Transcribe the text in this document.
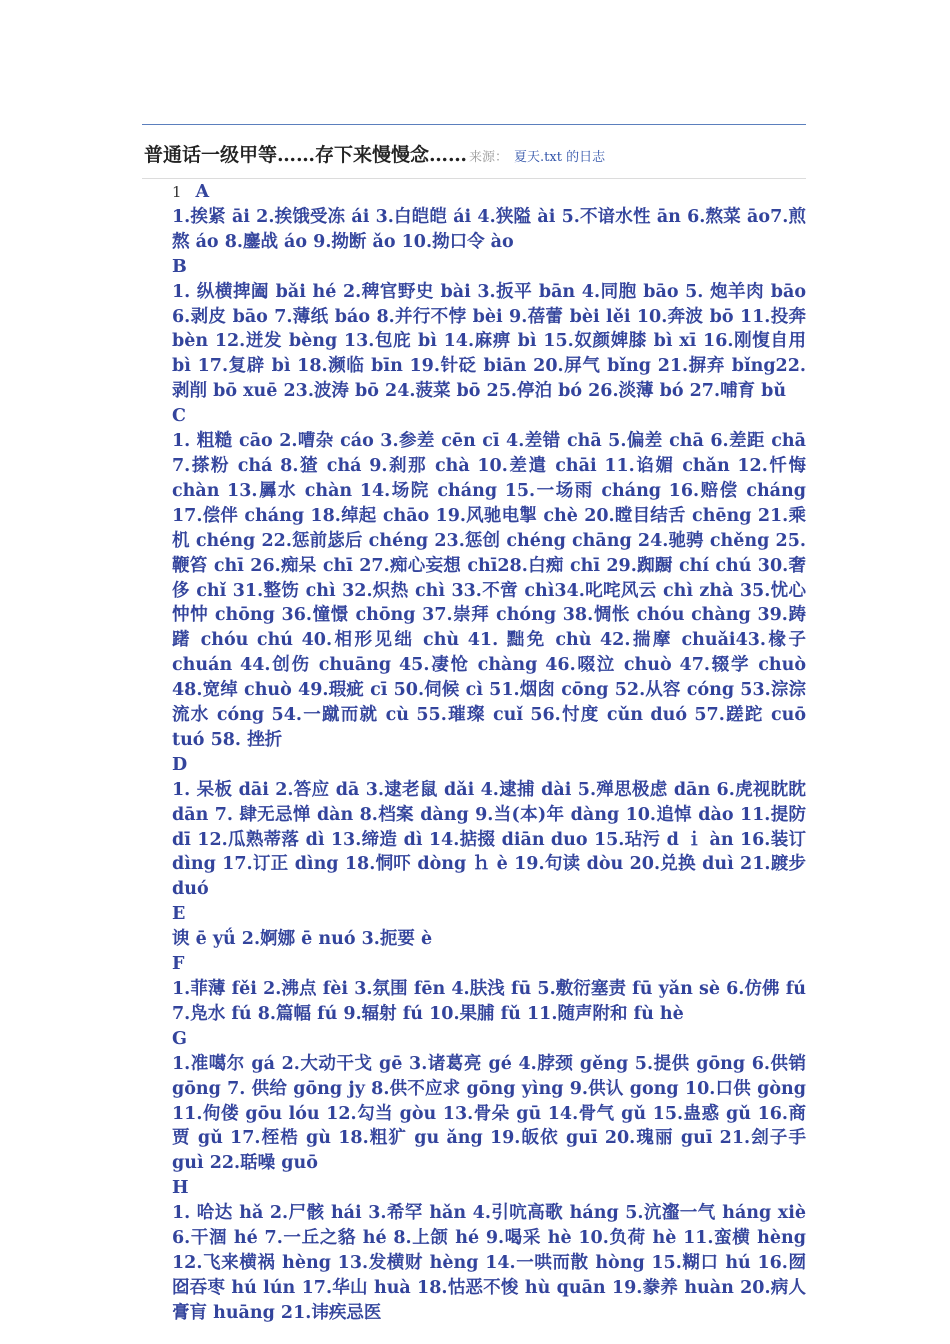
普通话一级甲等……存下来慢慢念…… 来源： 夏天.txt 的日志

1 A

1.挨紧 āi 2.挨饿受冻 ái 3.白皑皑 ái 4.狭隘 ài 5.不谙水性 ān 6.熬菜 āo7.煎熬 áo 8.鏖战 áo 9.拗断 ǎo 10.拗口令 ào

B

1. 纵横捭阖 bǎi hé 2.稗官野史 bài 3.扳平 bān 4.同胞 bāo 5. 炮羊肉 bāo 6.剥皮 bāo 7.薄纸 báo 8.并行不悖 bèi 9.蓓蕾 bèi lěi 10.奔波 bō 11.投奔 bèn 12.迸发 bèng 13.包庇 bì 14.麻痹 bì 15.奴颜婢膝 bì xī 16.刚愎自用 bì 17.复辟 bì 18.濒临 bīn 19.针砭 biān 20.屏气 bǐng 21.摒弃 bǐng22.剥削 bō xuē 23.波涛 bō 24.菠菜 bō 25.停泊 bó 26.淡薄 bó 27.哺育 bǔ

C

1. 粗糙 cāo 2.嘈杂 cáo 3.参差 cēn cī 4.差错 chā 5.偏差 chā 6.差距 chā 7.搽粉 chá 8.猹 chá 9.刹那 chà 10.差遣 chāi 11.谄媚 chǎn 12.忏悔 chàn 13.羼水 chàn 14.场院 cháng 15.一场雨 cháng 16.赔偿 cháng 17.偿伴 cháng 18.绰起 chāo 19.风驰电掣 chè 20.瞠目结舌 chēng 21.乘机 chéng 22.惩前毖后 chéng 23.惩创 chéng chāng 24.驰骋 chěng 25.鞭笞 chī 26.痴呆 chī 27.痴心妄想 chī28.白痴 chī 29.踟蹰 chí chú 30.奢侈 chǐ 31.整饬 chì 32.炽热 chì 33.不啻 chì34.叱咤风云 chì zhà 35.忧心忡忡 chōng 36.憧憬 chōng 37.崇拜 chóng 38.惆怅 chóu chàng 39.踌躇 chóu chú 40.相形见绌 chù 41. 黜免 chù 42.揣摩 chuǎi43.椽子 chuán 44.创伤 chuāng 45.凄怆 chàng 46.啜泣 chuò 47.辍学 chuò 48.宽绰 chuò 49.瑕疵 cī 50.伺候 cì 51.烟囱 cōng 52.从容 cóng 53.淙淙流水 cóng 54.一蹴而就 cù 55.璀璨 cuǐ 56.忖度 cǔn duó 57.蹉跎 cuō tuó 58. 挫折

D

1. 呆板 dāi 2.答应 dā 3.逮老鼠 dǎi 4.逮捕 dài 5.殚思极虑 dān 6.虎视眈眈 dān 7. 肆无忌惮 dàn 8.档案 dàng 9.当(本)年 dàng 10.追悼 dào 11.提防 dī 12.瓜熟蒂落 dì 13.缔造 dì 14.掂掇 diān duo 15.玷污 d ｉ àn 16.装订 dìng 17.订正 dìng 18.恫吓 dòng ｈ è 19.句读 dòu 20.兑换 duì 21.踱步 duó

E

谀 ē yǘ 2.婀娜 ē nuó 3.扼要 è

F

1.菲薄 fěi 2.沸点 fèi 3.氛围 fēn 4.肤浅 fū 5.敷衍塞责 fū yǎn sè 6.仿佛 fú 7.凫水 fú 8.篇幅 fú 9.辐射 fú 10.果脯 fǔ 11.随声附和 fù hè

G

1.准噶尔 gá 2.大动干戈 gē 3.诸葛亮 gé 4.脖颈 gěng 5.提供 gōng 6.供销 gōng 7. 供给 gōng jy 8.供不应求 gōng yìng 9.供认 gong 10.口供 gòng 11.佝偻 gōu lóu 12.勾当 gòu 13.骨朵 gū 14.骨气 gǔ 15.蛊惑 gǔ 16.商贾 gǔ 17.桎梏 gù 18.粗犷 gu ǎng 19.皈依 guī 20.瑰丽 guī 21.刽子手 guì 22.聒噪 guō

H

1. 哈达 hǎ 2.尸骸 hái 3.希罕 hǎn 4.引吭高歌 háng 5.沆瀣一气 háng xiè 6.干涸 hé 7.一丘之貉 hé 8.上颌 hé 9.喝采 hè 10.负荷 hè 11.蛮横 hèng 12.飞来横祸 hèng 13.发横财 hèng 14.一哄而散 hòng 15.糊口 hú 16.囫囵吞枣 hú lún 17.华山 huà 18.怙恶不悛 hù quān 19.豢养 huàn 20.病人膏肓 huāng 21.讳疾忌医
